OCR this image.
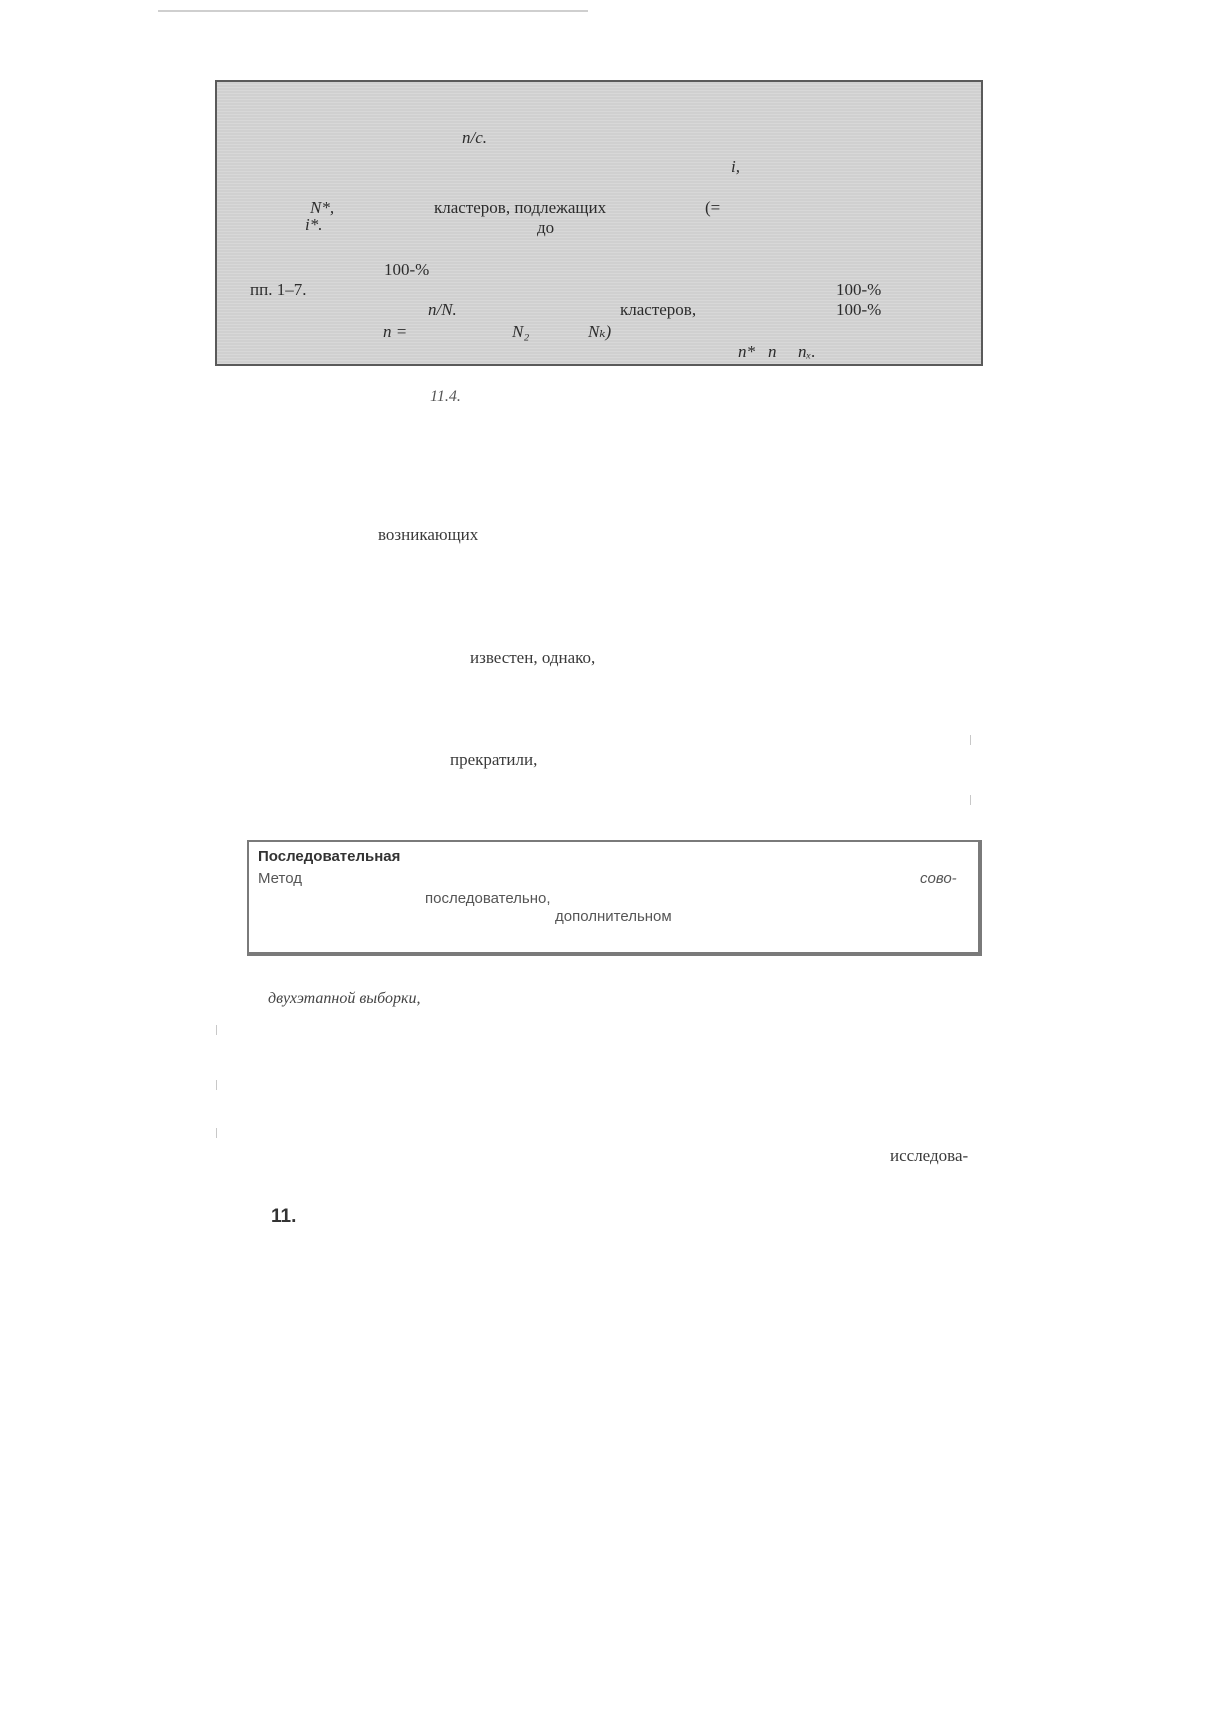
n/c.
i,
N*,	кластеров, подлежащих	(=
i*.	до
100-%
пп. 1–7.	100-%
n/N.	кластеров,	100-%
n =	N₂	Nₖ)
n* n nₓ.
11.4.
возникающих
известен, однако,
прекратили,
Последовательная
Метод	сово-
последовательно,
дополнительном
двухэтапной выборки,
исследова-
11.
